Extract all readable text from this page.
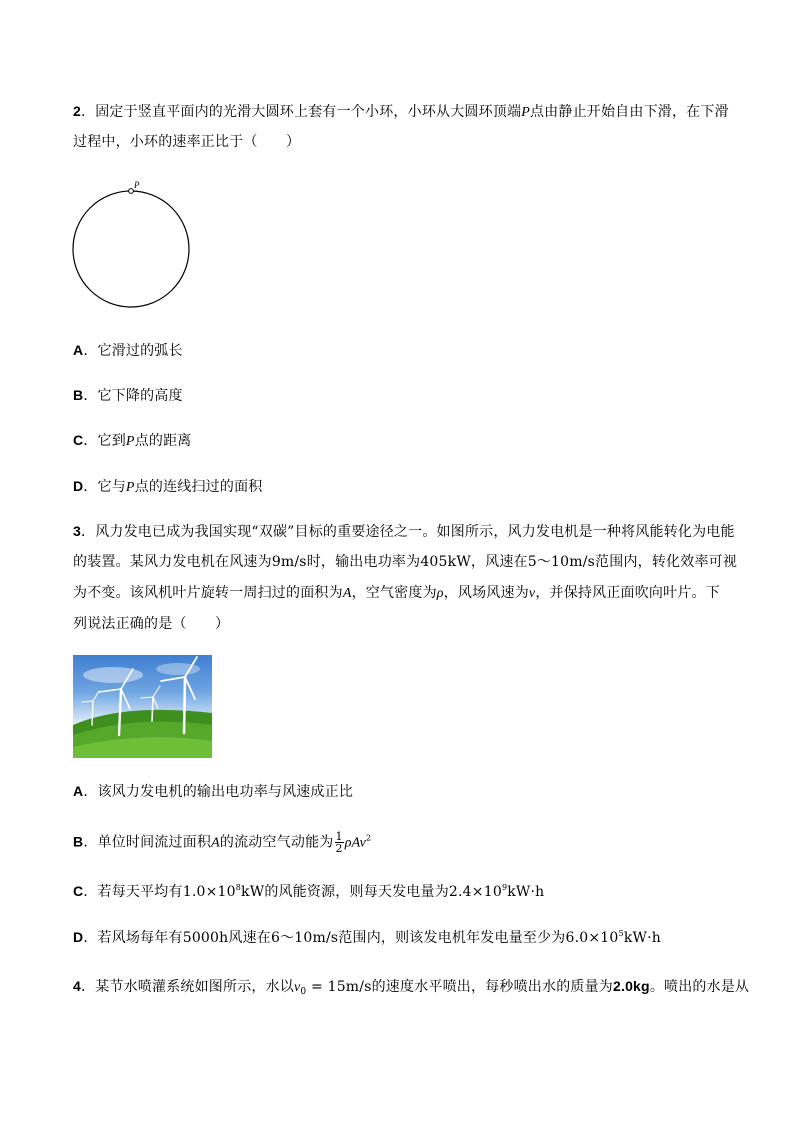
2．固定于竖直平面内的光滑大圆环上套有一个小环，小环从大圆环顶端P点由静止开始自由下滑，在下滑
过程中，小环的速率正比于（　　）
P
A．它滑过的弧长
B．它下降的高度
C．它到P点的距离
D．它与P点的连线扫过的面积
3．风力发电已成为我国实现“双碳”目标的重要途径之一。如图所示，风力发电机是一种将风能转化为电能
的装置。某风力发电机在风速为9m/s时，输出电功率为405kW，风速在5～10m/s范围内，转化效率可视
为不变。该风机叶片旋转一周扫过的面积为A，空气密度为ρ，风场风速为v，并保持风正面吹向叶片。下
列说法正确的是（　　）
A．该风力发电机的输出电功率与风速成正比
B．单位时间流过面积A的流动空气动能为 $\frac{1}{2} \rho Av^2$
C．若每天平均有$1.0\times 10^8kW$的风能资源，则每天发电量为$2.4\times 10^9kW\cdot h$
D．若风场每年有5000h风速在6～10m/s范围内，则该发电机年发电量至少为$6.0\times 10^5kW\cdot h$
4．某节水喷灌系统如图所示，水以$v_0 = 15m/s$的速度水平喷出，每秒喷出水的质量为2.0kg。喷出的水是从
